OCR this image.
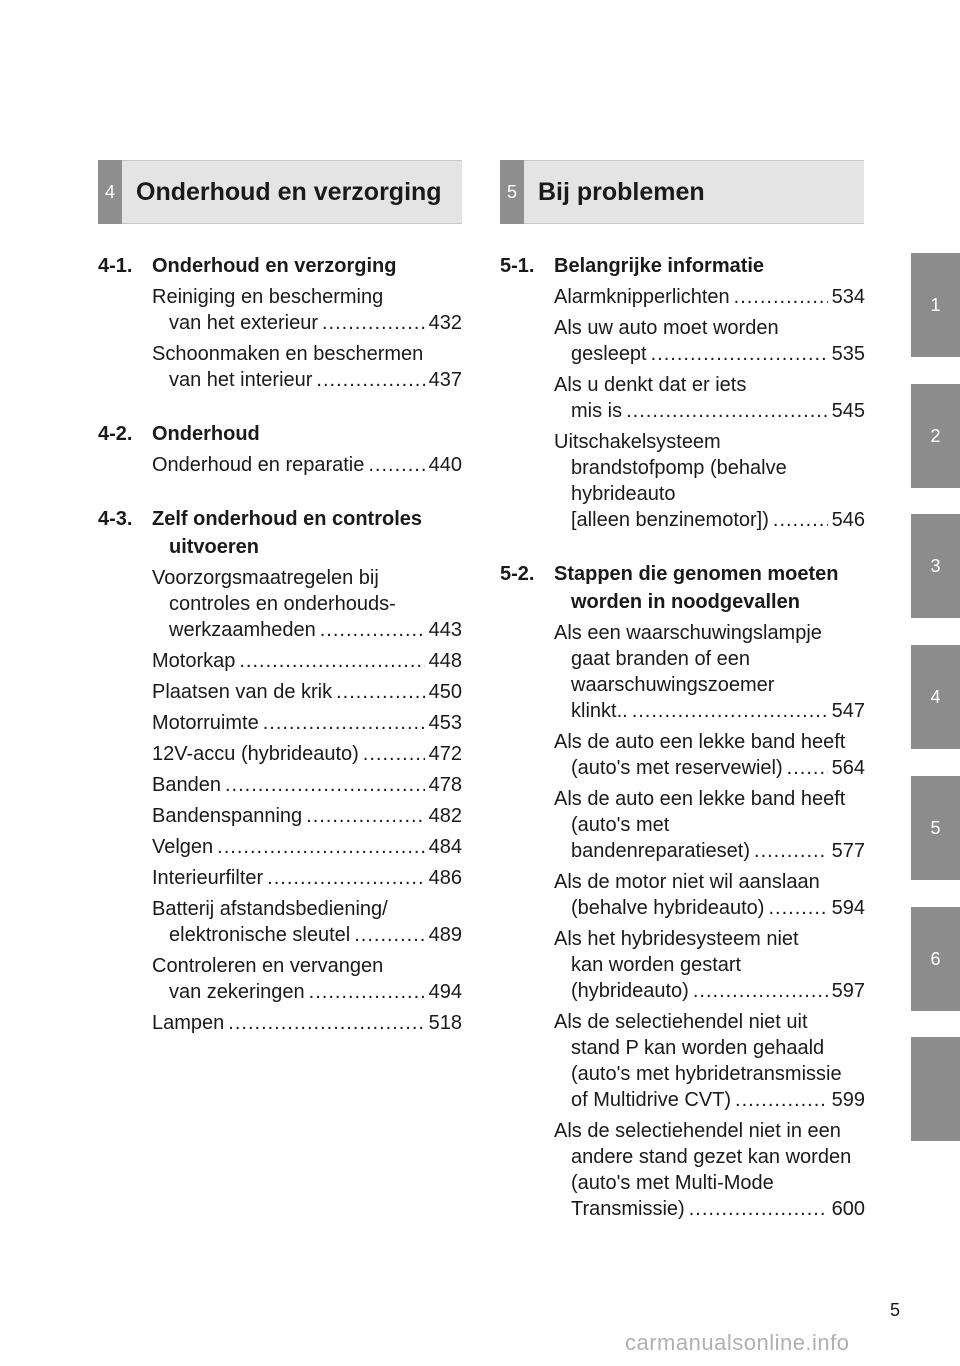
4 Onderhoud en verzorging	5 Bij problemen
4-1. Onderhoud en verzorging
Reiniging en bescherming
van het exterieur .....	432
Schoonmaken en beschermen
van het interieur .....	437
4-2. Onderhoud
Onderhoud en reparatie .....	440
4-3. Zelf onderhoud en controles
uitvoeren
Voorzorgsmaatregelen bij
controles en onderhouds-
werkzaamheden .....	443
Motorkap .....	448
Plaatsen van de krik .....	450
Motorruimte .....	453
12V-accu (hybrideauto) .....	472
Banden .....	478
Bandenspanning .....	482
Velgen .....	484
Interieurfilter .....	486
Batterij afstandsbediening/
elektronische sleutel .....	489
Controleren en vervangen
van zekeringen .....	494
Lampen .....	518
5-1. Belangrijke informatie
Alarmknipperlichten .....	534
Als uw auto moet worden
gesleept .....	535
Als u denkt dat er iets
mis is .....	545
Uitschakelsysteem
brandstofpomp (behalve
hybrideauto
[alleen benzinemotor]) .....	546
5-2. Stappen die genomen moeten
worden in noodgevallen
Als een waarschuwingslampje
gaat branden of een
waarschuwingszoemer
klinkt.. .....	547
Als de auto een lekke band heeft
(auto's met reservewiel) ..... 564
Als de auto een lekke band heeft
(auto's met
bandenreparatieset) .....	577
Als de motor niet wil aanslaan
(behalve hybrideauto) .....	594
Als het hybridesysteem niet
kan worden gestart
(hybrideauto) .....	597
Als de selectiehendel niet uit
stand P kan worden gehaald
(auto's met hybridetransmissie
of Multidrive CVT) .....	599
Als de selectiehendel niet in een
andere stand gezet kan worden
(auto's met Multi-Mode
Transmissie) .....	600
1
2
3
4
5
6
5
carmanualsonline.info
